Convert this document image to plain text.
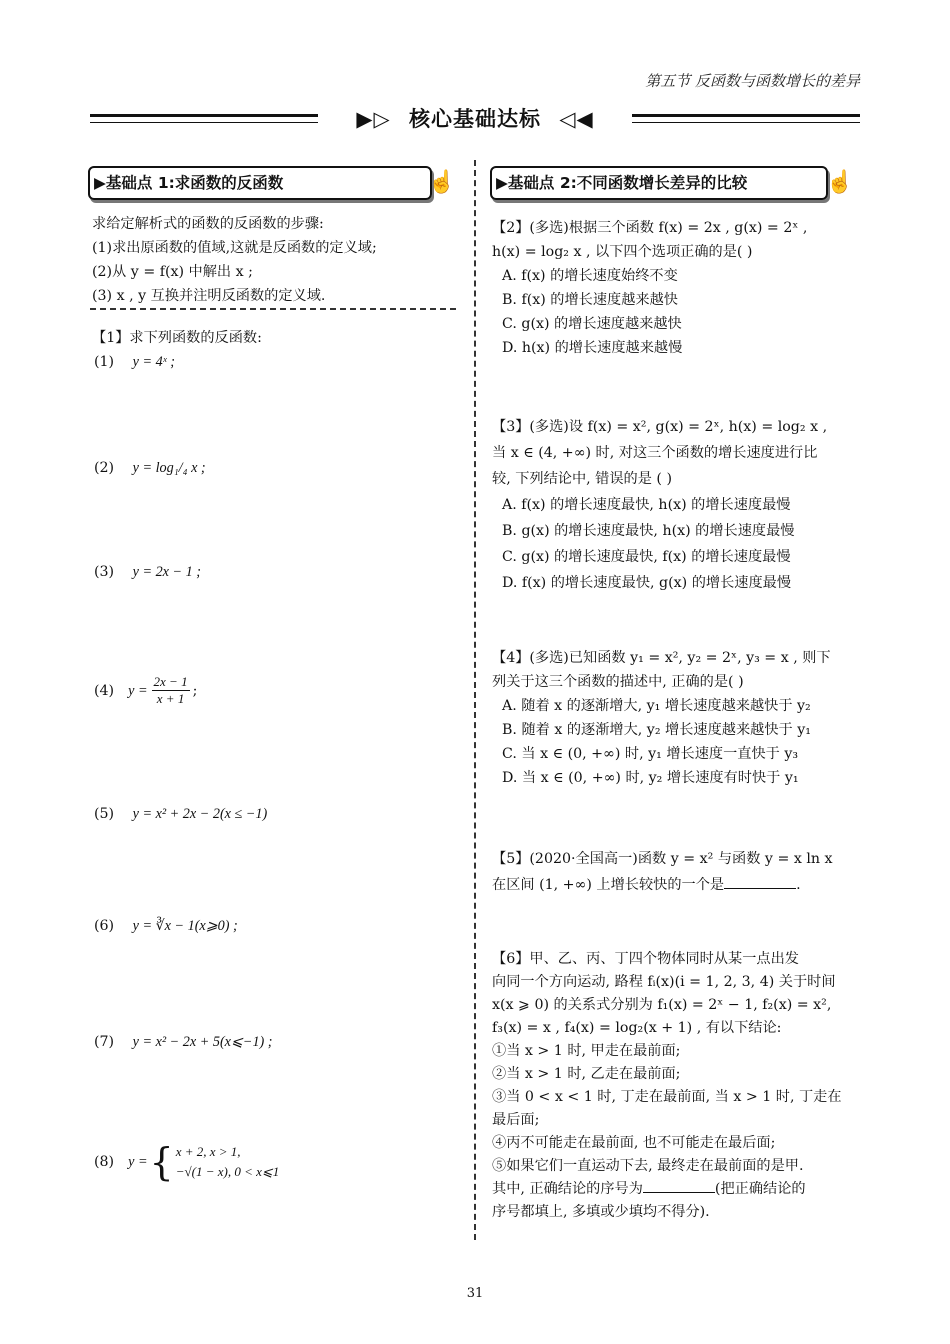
第五节 反函数与函数增长的差异
▶▷ 核心基础达标 ◁◀
▶基础点 1:求函数的反函数	☝	▶基础点 2:不同函数增长差异的比较	☝
求给定解析式的函数的反函数的步骤:
(1)求出原函数的值域,这就是反函数的定义域;
(2)从 y = f(x) 中解出 x ;
(3) x , y 互换并注明反函数的定义域.
【1】求下列函数的反函数:
(1) y = 4ˣ ;
(2) y = log₁/₄ x ;
(3) y = 2x − 1 ;
(4) $y = \frac{2x - 1}{x + 1}$ ;
(5) y = x² + 2x − 2(x ≤ −1)
(6) y = ∛x − 1(x⩾0) ;
(7) y = x² − 2x + 5(x⩽−1) ;
(8) y = { x + 2, x > 1,
−√(1 − x), 0 < x⩽1
【2】(多选)根据三个函数 f(x) = 2x , g(x) = 2ˣ ,
h(x) = log₂ x , 以下四个选项正确的是( )
A. f(x) 的增长速度始终不变
B. f(x) 的增长速度越来越快
C. g(x) 的增长速度越来越快
D. h(x) 的增长速度越来越慢
【3】(多选)设 f(x) = x², g(x) = 2ˣ, h(x) = log₂ x ,
当 x ∈ (4, +∞) 时, 对这三个函数的增长速度进行比
较, 下列结论中, 错误的是 ( )
A. f(x) 的增长速度最快, h(x) 的增长速度最慢
B. g(x) 的增长速度最快, h(x) 的增长速度最慢
C. g(x) 的增长速度最快, f(x) 的增长速度最慢
D. f(x) 的增长速度最快, g(x) 的增长速度最慢
【4】(多选)已知函数 y₁ = x², y₂ = 2ˣ, y₃ = x , 则下
列关于这三个函数的描述中, 正确的是( )
A. 随着 x 的逐渐增大, y₁ 增长速度越来越快于 y₂
B. 随着 x 的逐渐增大, y₂ 增长速度越来越快于 y₁
C. 当 x ∈ (0, +∞) 时, y₁ 增长速度一直快于 y₃
D. 当 x ∈ (0, +∞) 时, y₂ 增长速度有时快于 y₁
【5】(2020·全国高一)函数 y = x² 与函数 y = x ln x
在区间 (1, +∞) 上增长较快的一个是	.
【6】甲、乙、丙、丁四个物体同时从某一点出发
向同一个方向运动, 路程 fᵢ(x)(i = 1, 2, 3, 4) 关于时间
x(x ⩾ 0) 的关系式分别为 f₁(x) = 2ˣ − 1, f₂(x) = x²,
f₃(x) = x , f₄(x) = log₂(x + 1) , 有以下结论:
①当 x > 1 时, 甲走在最前面;
②当 x > 1 时, 乙走在最前面;
③当 0 < x < 1 时, 丁走在最前面, 当 x > 1 时, 丁走在
最后面;
④丙不可能走在最前面, 也不可能走在最后面;
⑤如果它们一直运动下去, 最终走在最前面的是甲.
其中, 正确结论的序号为	(把正确结论的
序号都填上, 多填或少填均不得分).
31
